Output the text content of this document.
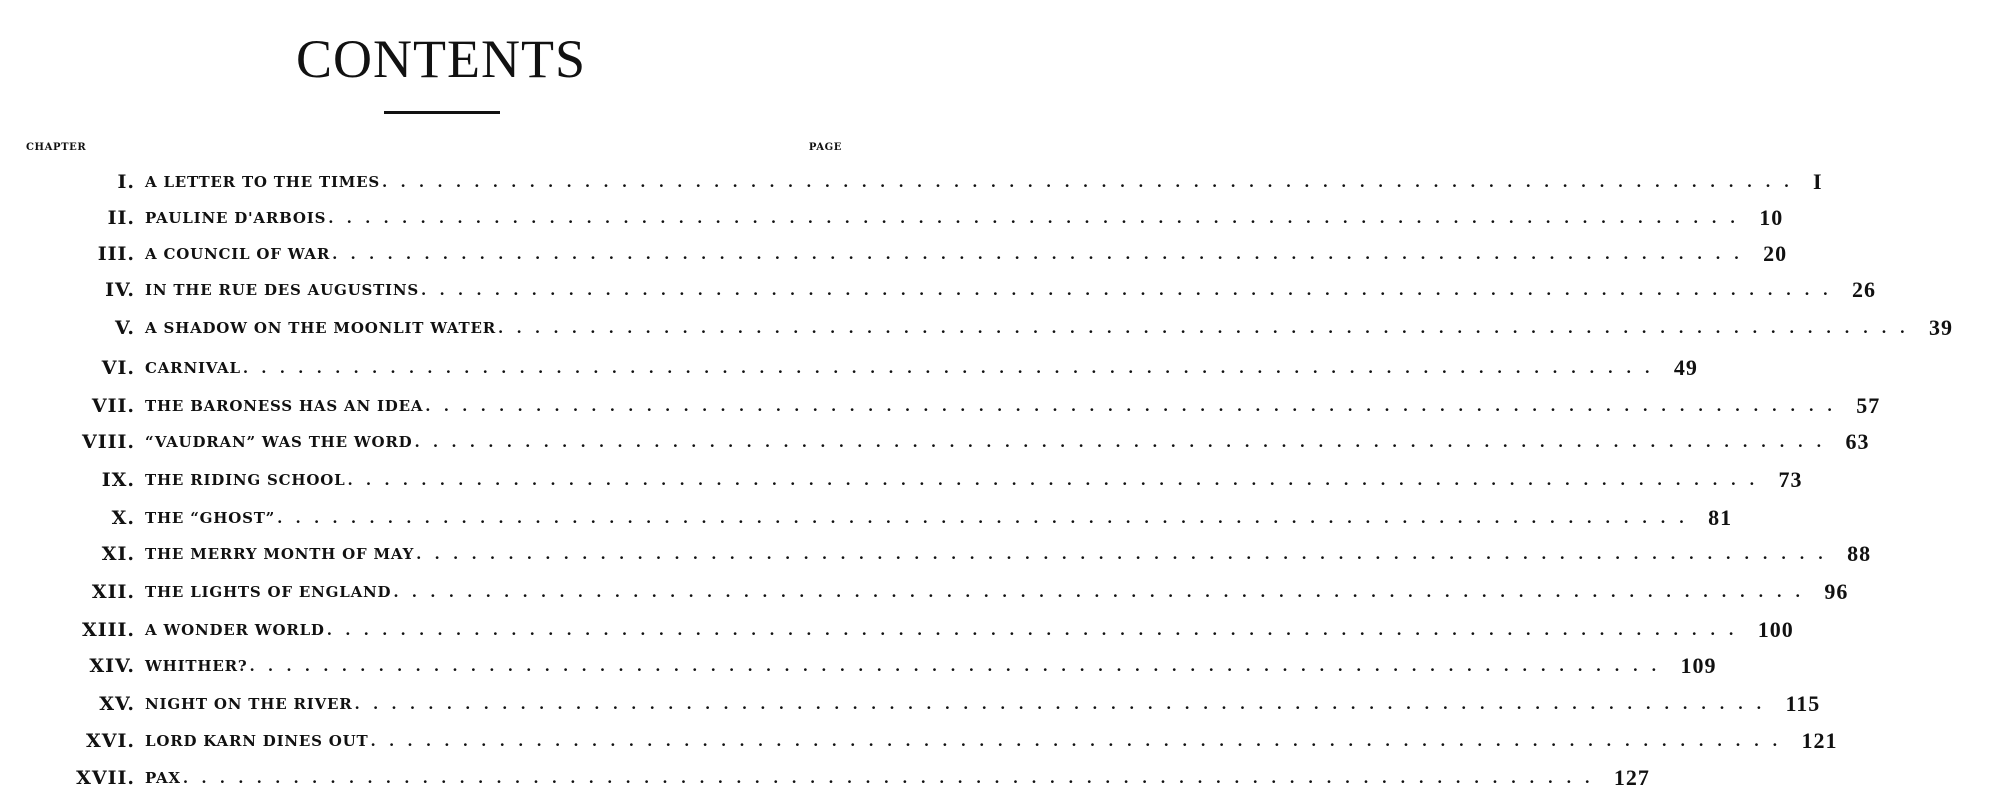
CONTENTS
CHAPTER	PAGE
I. A LETTER TO THE TIMES . . . . . . . . . . . . . . . . . . . . . . . . . . . . . . . . . . . . . . . . . . . . . . . . . . . . . . . . . . . . . . . . . . . . . . . . . . . . . I
II. PAULINE D'ARBOIS . . . . . . . . . . . . . . . . . . . . . . . . . . . . . . . . . . . . . . . . . . . . . . . . . . . . . . . . . . . . . . . . . . . . . . . . . . . . . 10
III. A COUNCIL OF WAR . . . . . . . . . . . . . . . . . . . . . . . . . . . . . . . . . . . . . . . . . . . . . . . . . . . . . . . . . . . . . . . . . . . . . . . . . . . . . 20
IV. IN THE RUE DES AUGUSTINS . . . . . . . . . . . . . . . . . . . . . . . . . . . . . . . . . . . . . . . . . . . . . . . . . . . . . . . . . . . . . . . . . . . . . . . . . . . . . 26
V. A SHADOW ON THE MOONLIT WATER . . . . . . . . . . . . . . . . . . . . . . . . . . . . . . . . . . . . . . . . . . . . . . . . . . . . . . . . . . . . . . . . . . . . . . . . . . . . . 39
VI. CARNIVAL . . . . . . . . . . . . . . . . . . . . . . . . . . . . . . . . . . . . . . . . . . . . . . . . . . . . . . . . . . . . . . . . . . . . . . . . . . . . . 49
VII. THE BARONESS HAS AN IDEA . . . . . . . . . . . . . . . . . . . . . . . . . . . . . . . . . . . . . . . . . . . . . . . . . . . . . . . . . . . . . . . . . . . . . . . . . . . . . 57
VIII. “VAUDRAN” WAS THE WORD . . . . . . . . . . . . . . . . . . . . . . . . . . . . . . . . . . . . . . . . . . . . . . . . . . . . . . . . . . . . . . . . . . . . . . . . . . . . . 63
IX. THE RIDING SCHOOL . . . . . . . . . . . . . . . . . . . . . . . . . . . . . . . . . . . . . . . . . . . . . . . . . . . . . . . . . . . . . . . . . . . . . . . . . . . . . 73
X. THE “GHOST” . . . . . . . . . . . . . . . . . . . . . . . . . . . . . . . . . . . . . . . . . . . . . . . . . . . . . . . . . . . . . . . . . . . . . . . . . . . . . 81
XI. THE MERRY MONTH OF MAY . . . . . . . . . . . . . . . . . . . . . . . . . . . . . . . . . . . . . . . . . . . . . . . . . . . . . . . . . . . . . . . . . . . . . . . . . . . . . 88
XII. THE LIGHTS OF ENGLAND . . . . . . . . . . . . . . . . . . . . . . . . . . . . . . . . . . . . . . . . . . . . . . . . . . . . . . . . . . . . . . . . . . . . . . . . . . . . . 96
XIII. A WONDER WORLD . . . . . . . . . . . . . . . . . . . . . . . . . . . . . . . . . . . . . . . . . . . . . . . . . . . . . . . . . . . . . . . . . . . . . . . . . . . . . 100
XIV. WHITHER? . . . . . . . . . . . . . . . . . . . . . . . . . . . . . . . . . . . . . . . . . . . . . . . . . . . . . . . . . . . . . . . . . . . . . . . . . . . . . 109
XV. NIGHT ON THE RIVER . . . . . . . . . . . . . . . . . . . . . . . . . . . . . . . . . . . . . . . . . . . . . . . . . . . . . . . . . . . . . . . . . . . . . . . . . . . . . 115
XVI. LORD KARN DINES OUT . . . . . . . . . . . . . . . . . . . . . . . . . . . . . . . . . . . . . . . . . . . . . . . . . . . . . . . . . . . . . . . . . . . . . . . . . . . . . 121
XVII. PAX . . . . . . . . . . . . . . . . . . . . . . . . . . . . . . . . . . . . . . . . . . . . . . . . . . . . . . . . . . . . . . . . . . . . . . . . . . . . . 127
